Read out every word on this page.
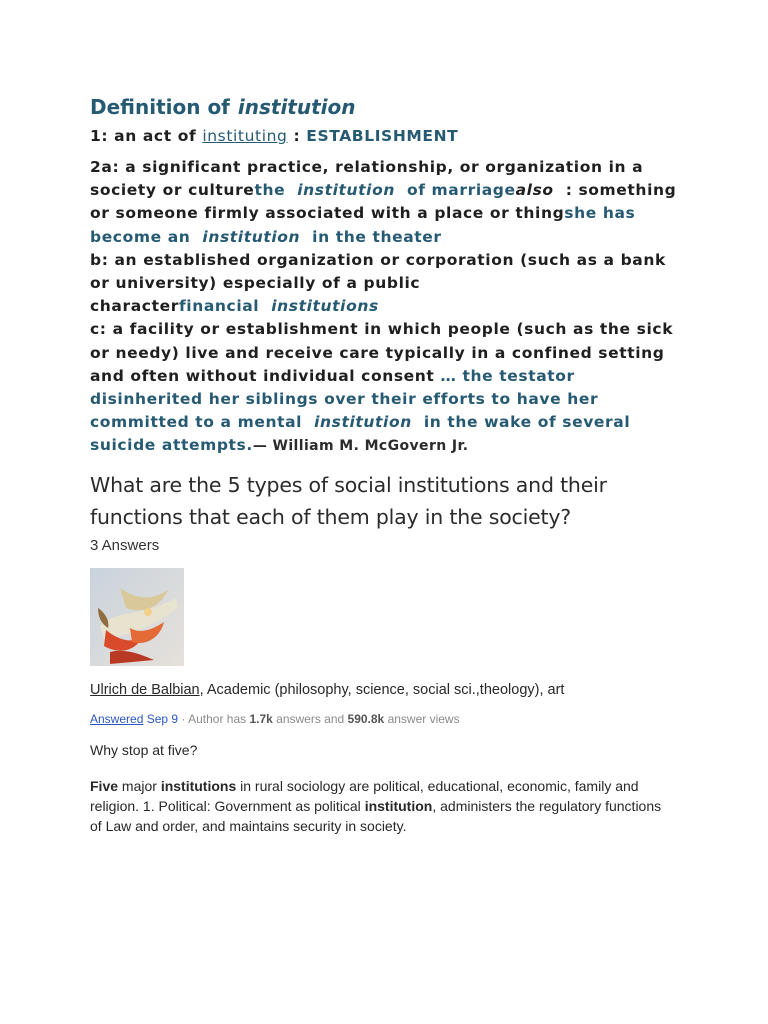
Definition of institution
1: an act of instituting : ESTABLISHMENT
2a: a significant practice, relationship, or organization in a society or culturethe institution of marriagealso : something or someone firmly associated with a place or thingshe has become an institution in the theater
b: an established organization or corporation (such as a bank or university) especially of a public characterfinancial institutions
c: a facility or establishment in which people (such as the sick or needy) live and receive care typically in a confined setting and often without individual consent … the testator disinherited her siblings over their efforts to have her committed to a mental institution in the wake of several suicide attempts.— William M. McGovern Jr.
What are the 5 types of social institutions and their functions that each of them play in the society?
3 Answers
Ulrich de Balbian, Academic (philosophy, science, social sci.,theology), art
Answered Sep 9 · Author has 1.7k answers and 590.8k answer views
Why stop at five?
Five major institutions in rural sociology are political, educational, economic, family and religion. 1. Political: Government as political institution, administers the regulatory functions of Law and order, and maintains security in society.
